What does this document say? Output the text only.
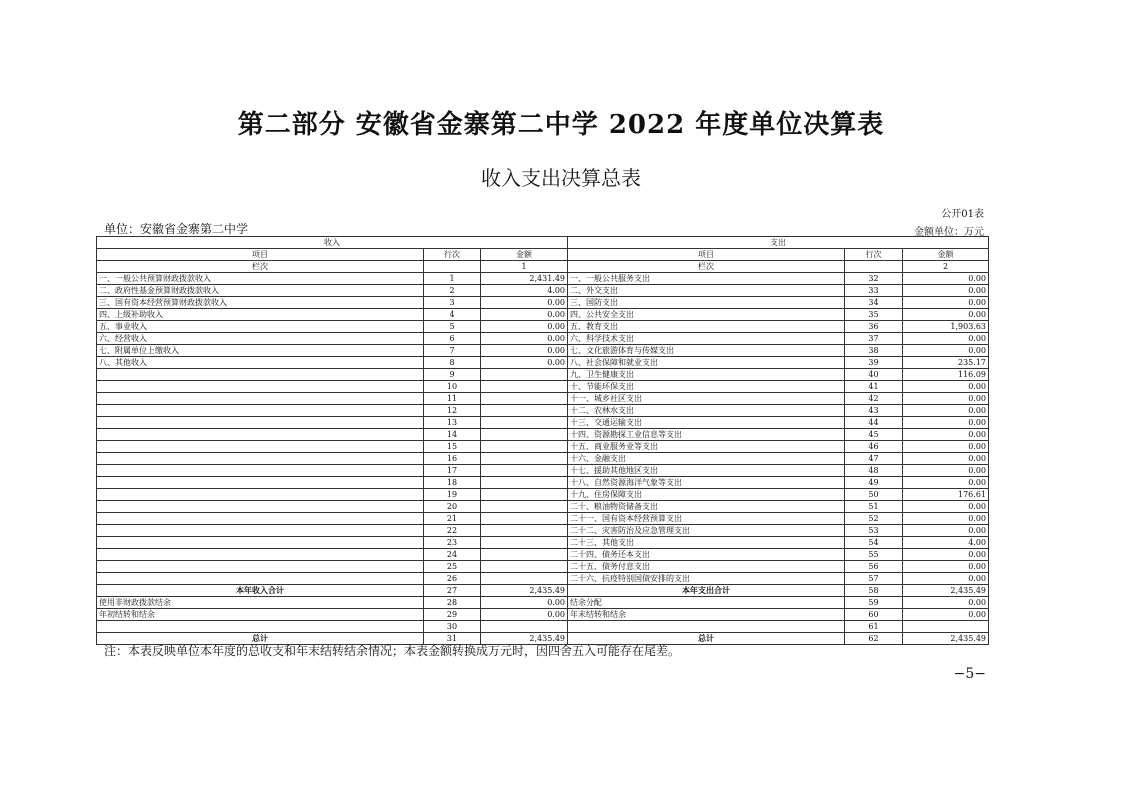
第二部分 安徽省金寨第二中学 2022 年度单位决算表
收入支出决算总表
公开01表
单位：安徽省金寨第二中学	金额单位：万元
收入			支出		
项目	行次	金额	项目	行次	金额
栏次		1	栏次		2
一、一般公共预算财政拨款收入	1	2,431.49	一、一般公共服务支出	32	0.00
二、政府性基金预算财政拨款收入	2	4.00	二、外交支出	33	0.00
三、国有资本经营预算财政拨款收入	3	0.00	三、国防支出	34	0.00
四、上级补助收入	4	0.00	四、公共安全支出	35	0.00
五、事业收入	5	0.00	五、教育支出	36	1,903.63
六、经营收入	6	0.00	六、科学技术支出	37	0.00
七、附属单位上缴收入	7	0.00	七、文化旅游体育与传媒支出	38	0.00
八、其他收入	8	0.00	八、社会保障和就业支出	39	235.17
	9		九、卫生健康支出	40	116.09
	10		十、节能环保支出	41	0.00
	11		十一、城乡社区支出	42	0.00
	12		十二、农林水支出	43	0.00
	13		十三、交通运输支出	44	0.00
	14		十四、资源勘探工业信息等支出	45	0.00
	15		十五、商业服务业等支出	46	0.00
	16		十六、金融支出	47	0.00
	17		十七、援助其他地区支出	48	0.00
	18		十八、自然资源海洋气象等支出	49	0.00
	19		十九、住房保障支出	50	176.61
	20		二十、粮油物资储备支出	51	0.00
	21		二十一、国有资本经营预算支出	52	0.00
	22		二十二、灾害防治及应急管理支出	53	0.00
	23		二十三、其他支出	54	4.00
	24		二十四、债务还本支出	55	0.00
	25		二十五、债务付息支出	56	0.00
	26		二十六、抗疫特别国债安排的支出	57	0.00
本年收入合计	27	2,435.49	本年支出合计	58	2,435.49
使用非财政拨款结余	28	0.00	结余分配	59	0.00
年初结转和结余	29	0.00	年末结转和结余	60	0.00
	30			61	
总计	31	2,435.49	总计	62	2,435.49
注：本表反映单位本年度的总收支和年末结转结余情况；本表金额转换成万元时，因四舍五入可能存在尾差。
−5−
